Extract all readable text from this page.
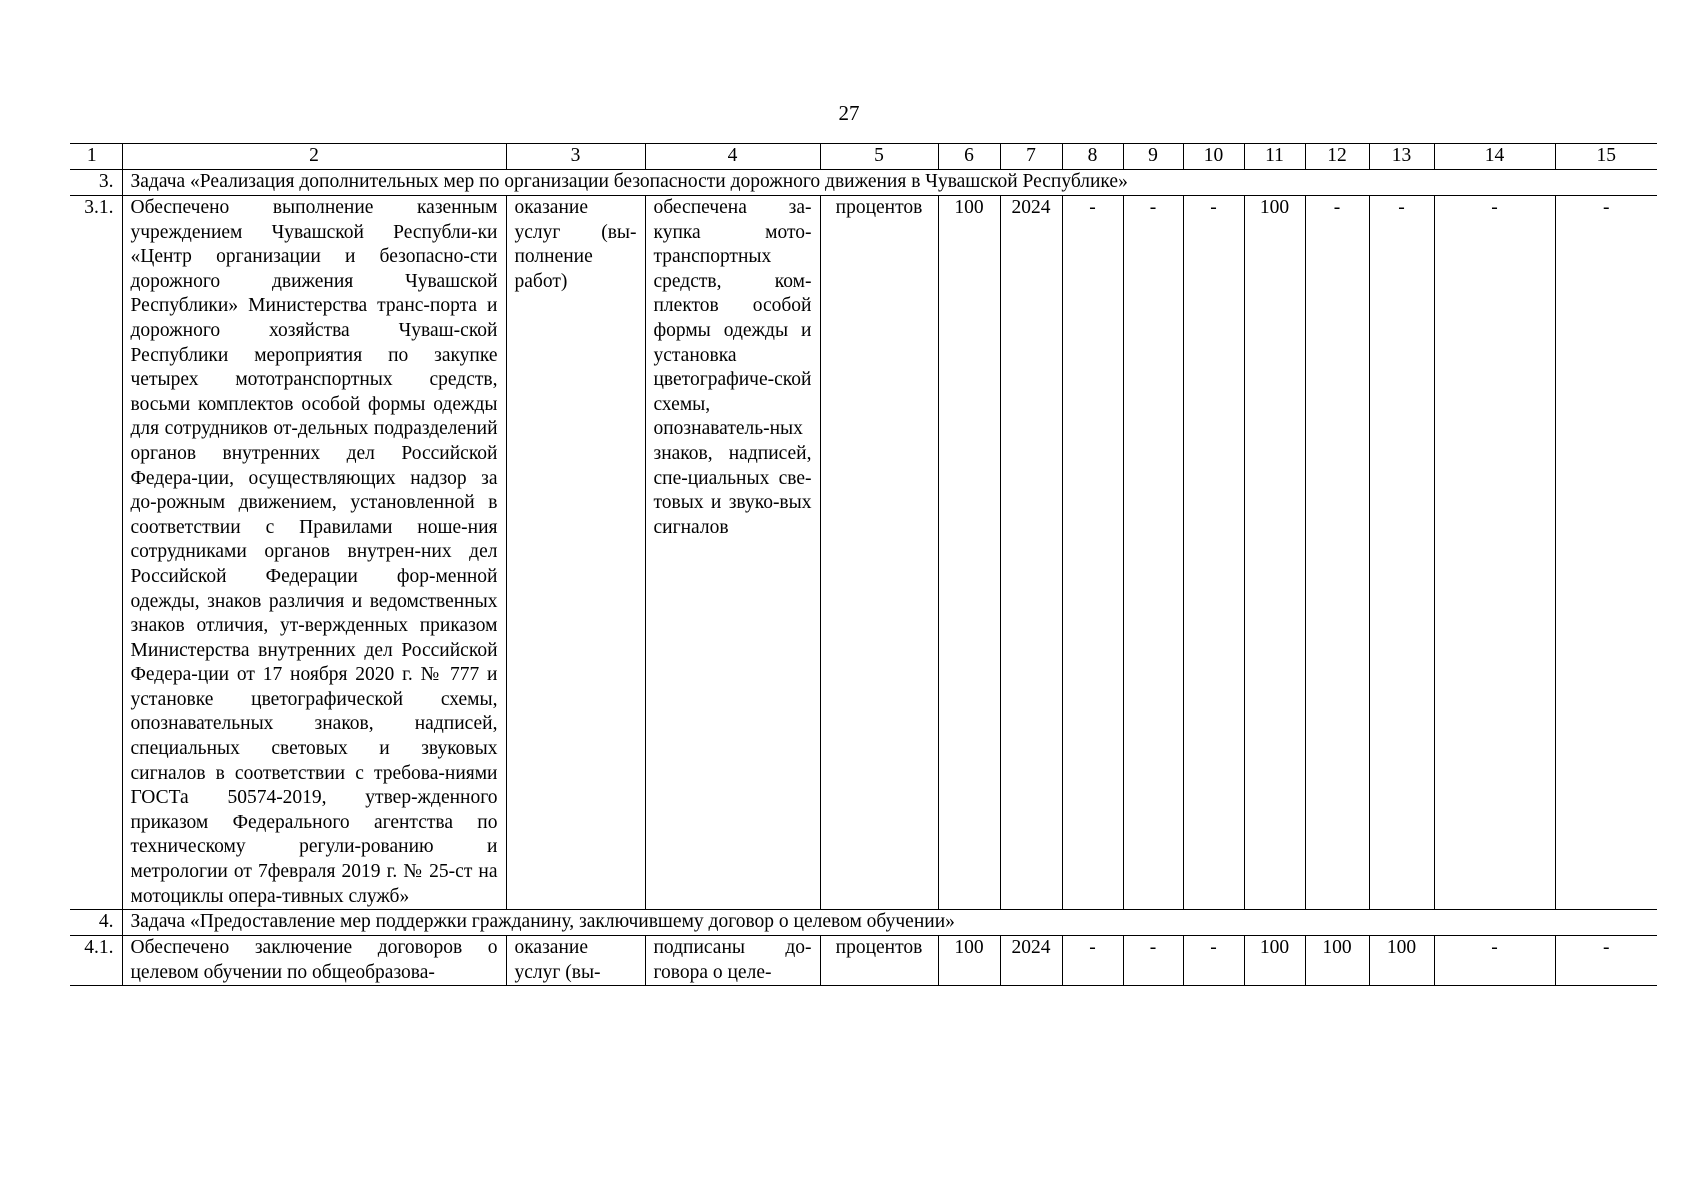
27
1	2	3	4	5	6	7	8	9	10	11	12	13	14	15
3.	Задача «Реализация дополнительных мер по организации безопасности дорожного движения в Чувашской Республике»													
3.1.	Обеспечено выполнение казенным учреждением Чувашской Республи-ки «Центр организации и безопасно-сти дорожного движения Чувашской Республики» Министерства транс-порта и дорожного хозяйства Чуваш-ской Республики мероприятия по закупке четырех мототранспортных средств, восьми комплектов особой формы одежды для сотрудников от-дельных подразделений органов внутренних дел Российской Федера-ции, осуществляющих надзор за до-рожным движением, установленной в соответствии с Правилами ноше-ния сотрудниками органов внутрен-них дел Российской Федерации фор-менной одежды, знаков различия и ведомственных знаков отличия, ут-вержденных приказом Министерства внутренних дел Российской Федера-ции от 17 ноября 2020 г. № 777 и установке цветографической схемы, опознавательных знаков, надписей, специальных световых и звуковых сигналов в соответствии с требова-ниями ГОСТа 50574-2019, утвер-жденного приказом Федерального агентства по техническому регули-рованию и метрологии от 7февраля 2019 г. № 25-ст на мотоциклы опера-тивных служб»	оказание услуг (вы-полнение работ)	обеспечена за-купка мото-транспортных средств, ком-плектов особой формы одежды и установка цветографиче-ской схемы, опознаватель-ных знаков, надписей, спе-циальных све-товых и звуко-вых сигналов	процентов	100	2024	-	-	-	100	-	-	-	-
4.	Задача «Предоставление мер поддержки гражданину, заключившему договор о целевом обучении»													
4.1.	Обеспечено заключение договоров о целевом обучении по общеобразова-	оказание услуг (вы-	подписаны до-говора о целе-	процентов	100	2024	-	-	-	100	100	100	-	-
